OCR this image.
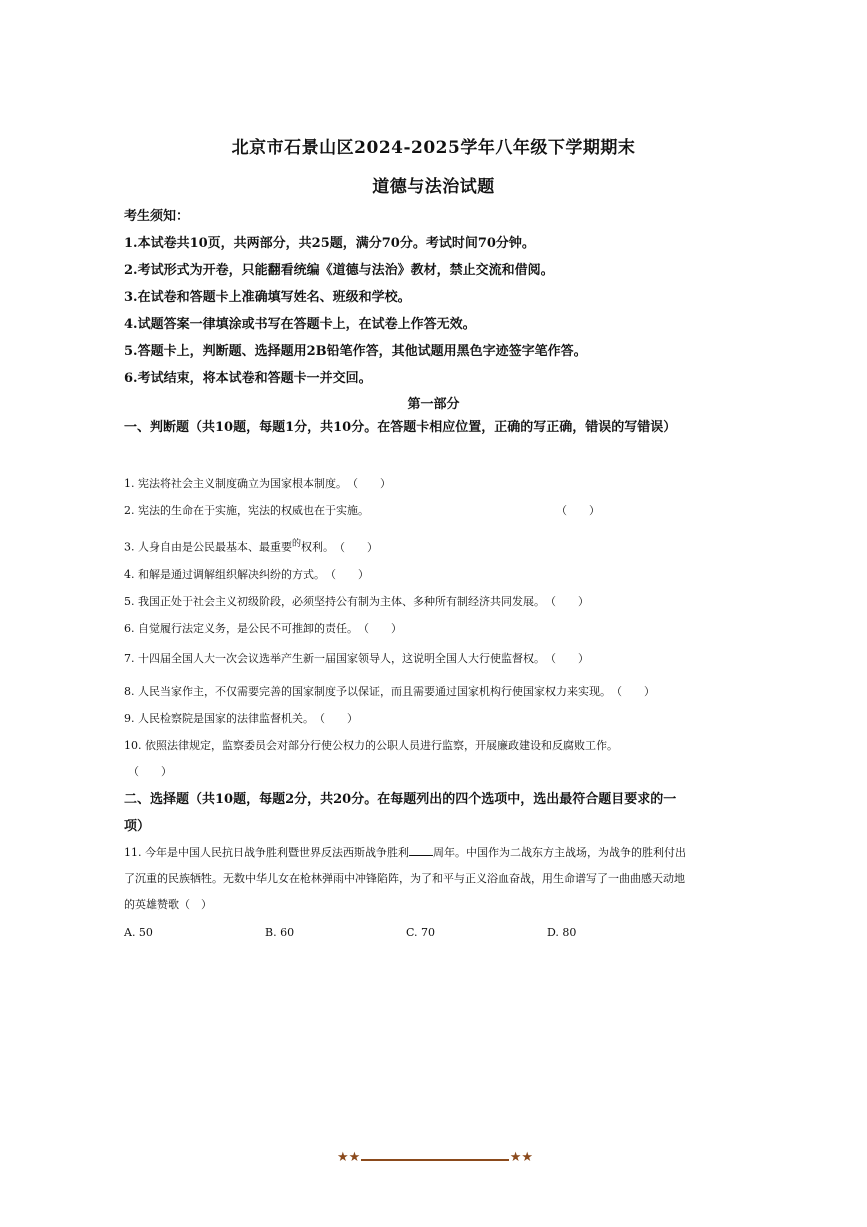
北京市石景山区2024-2025学年八年级下学期期末
道德与法治试题
考生须知：
1.本试卷共10页，共两部分，共25题，满分70分。考试时间70分钟。
2.考试形式为开卷，只能翻看统编《道德与法治》教材，禁止交流和借阅。
3.在试卷和答题卡上准确填写姓名、班级和学校。
4.试题答案一律填涂或书写在答题卡上，在试卷上作答无效。
5.答题卡上，判断题、选择题用2B铅笔作答，其他试题用黑色字迹签字笔作答。
6.考试结束，将本试卷和答题卡一并交回。
第一部分
一、判断题（共10题，每题1分，共10分。在答题卡相应位置，正确的写正确，错误的写错误）
1. 宪法将社会主义制度确立为国家根本制度。（　　）
2. 宪法的生命在于实施，宪法的权威也在于实施。	（　　）
3. 人身自由是公民最基本、最重要$^的$权利。（　　）
4. 和解是通过调解组织解决纠纷的方式。（　　）
5. 我国正处于社会主义初级阶段，必须坚持公有制为主体、多种所有制经济共同发展。（　　）
6. 自觉履行法定义务，是公民不可推卸的责任。（　　）
7. 十四届全国人大一次会议选举产生新一届国家领导人，这说明全国人大行使监督权。（　　）
8. 人民当家作主，不仅需要完善的国家制度予以保证，而且需要通过国家机构行使国家权力来实现。（　　）
9. 人民检察院是国家的法律监督机关。（　　）
10. 依照法律规定，监察委员会对部分行使公权力的公职人员进行监察，开展廉政建设和反腐败工作。
（　　）
二、选择题（共10题，每题2分，共20分。在每题列出的四个选项中，选出最符合题目要求的一项）
11. 今年是中国人民抗日战争胜利暨世界反法西斯战争胜利 周年。中国作为二战东方主战场，为战争的胜利付出了沉重的民族牺牲。无数中华儿女在枪林弹雨中冲锋陷阵，为了和平与正义浴血奋战，用生命谱写了一曲曲感天动地的英雄赞歌（　）
A. 50	B. 60	C. 70	D. 80
★★	★★
